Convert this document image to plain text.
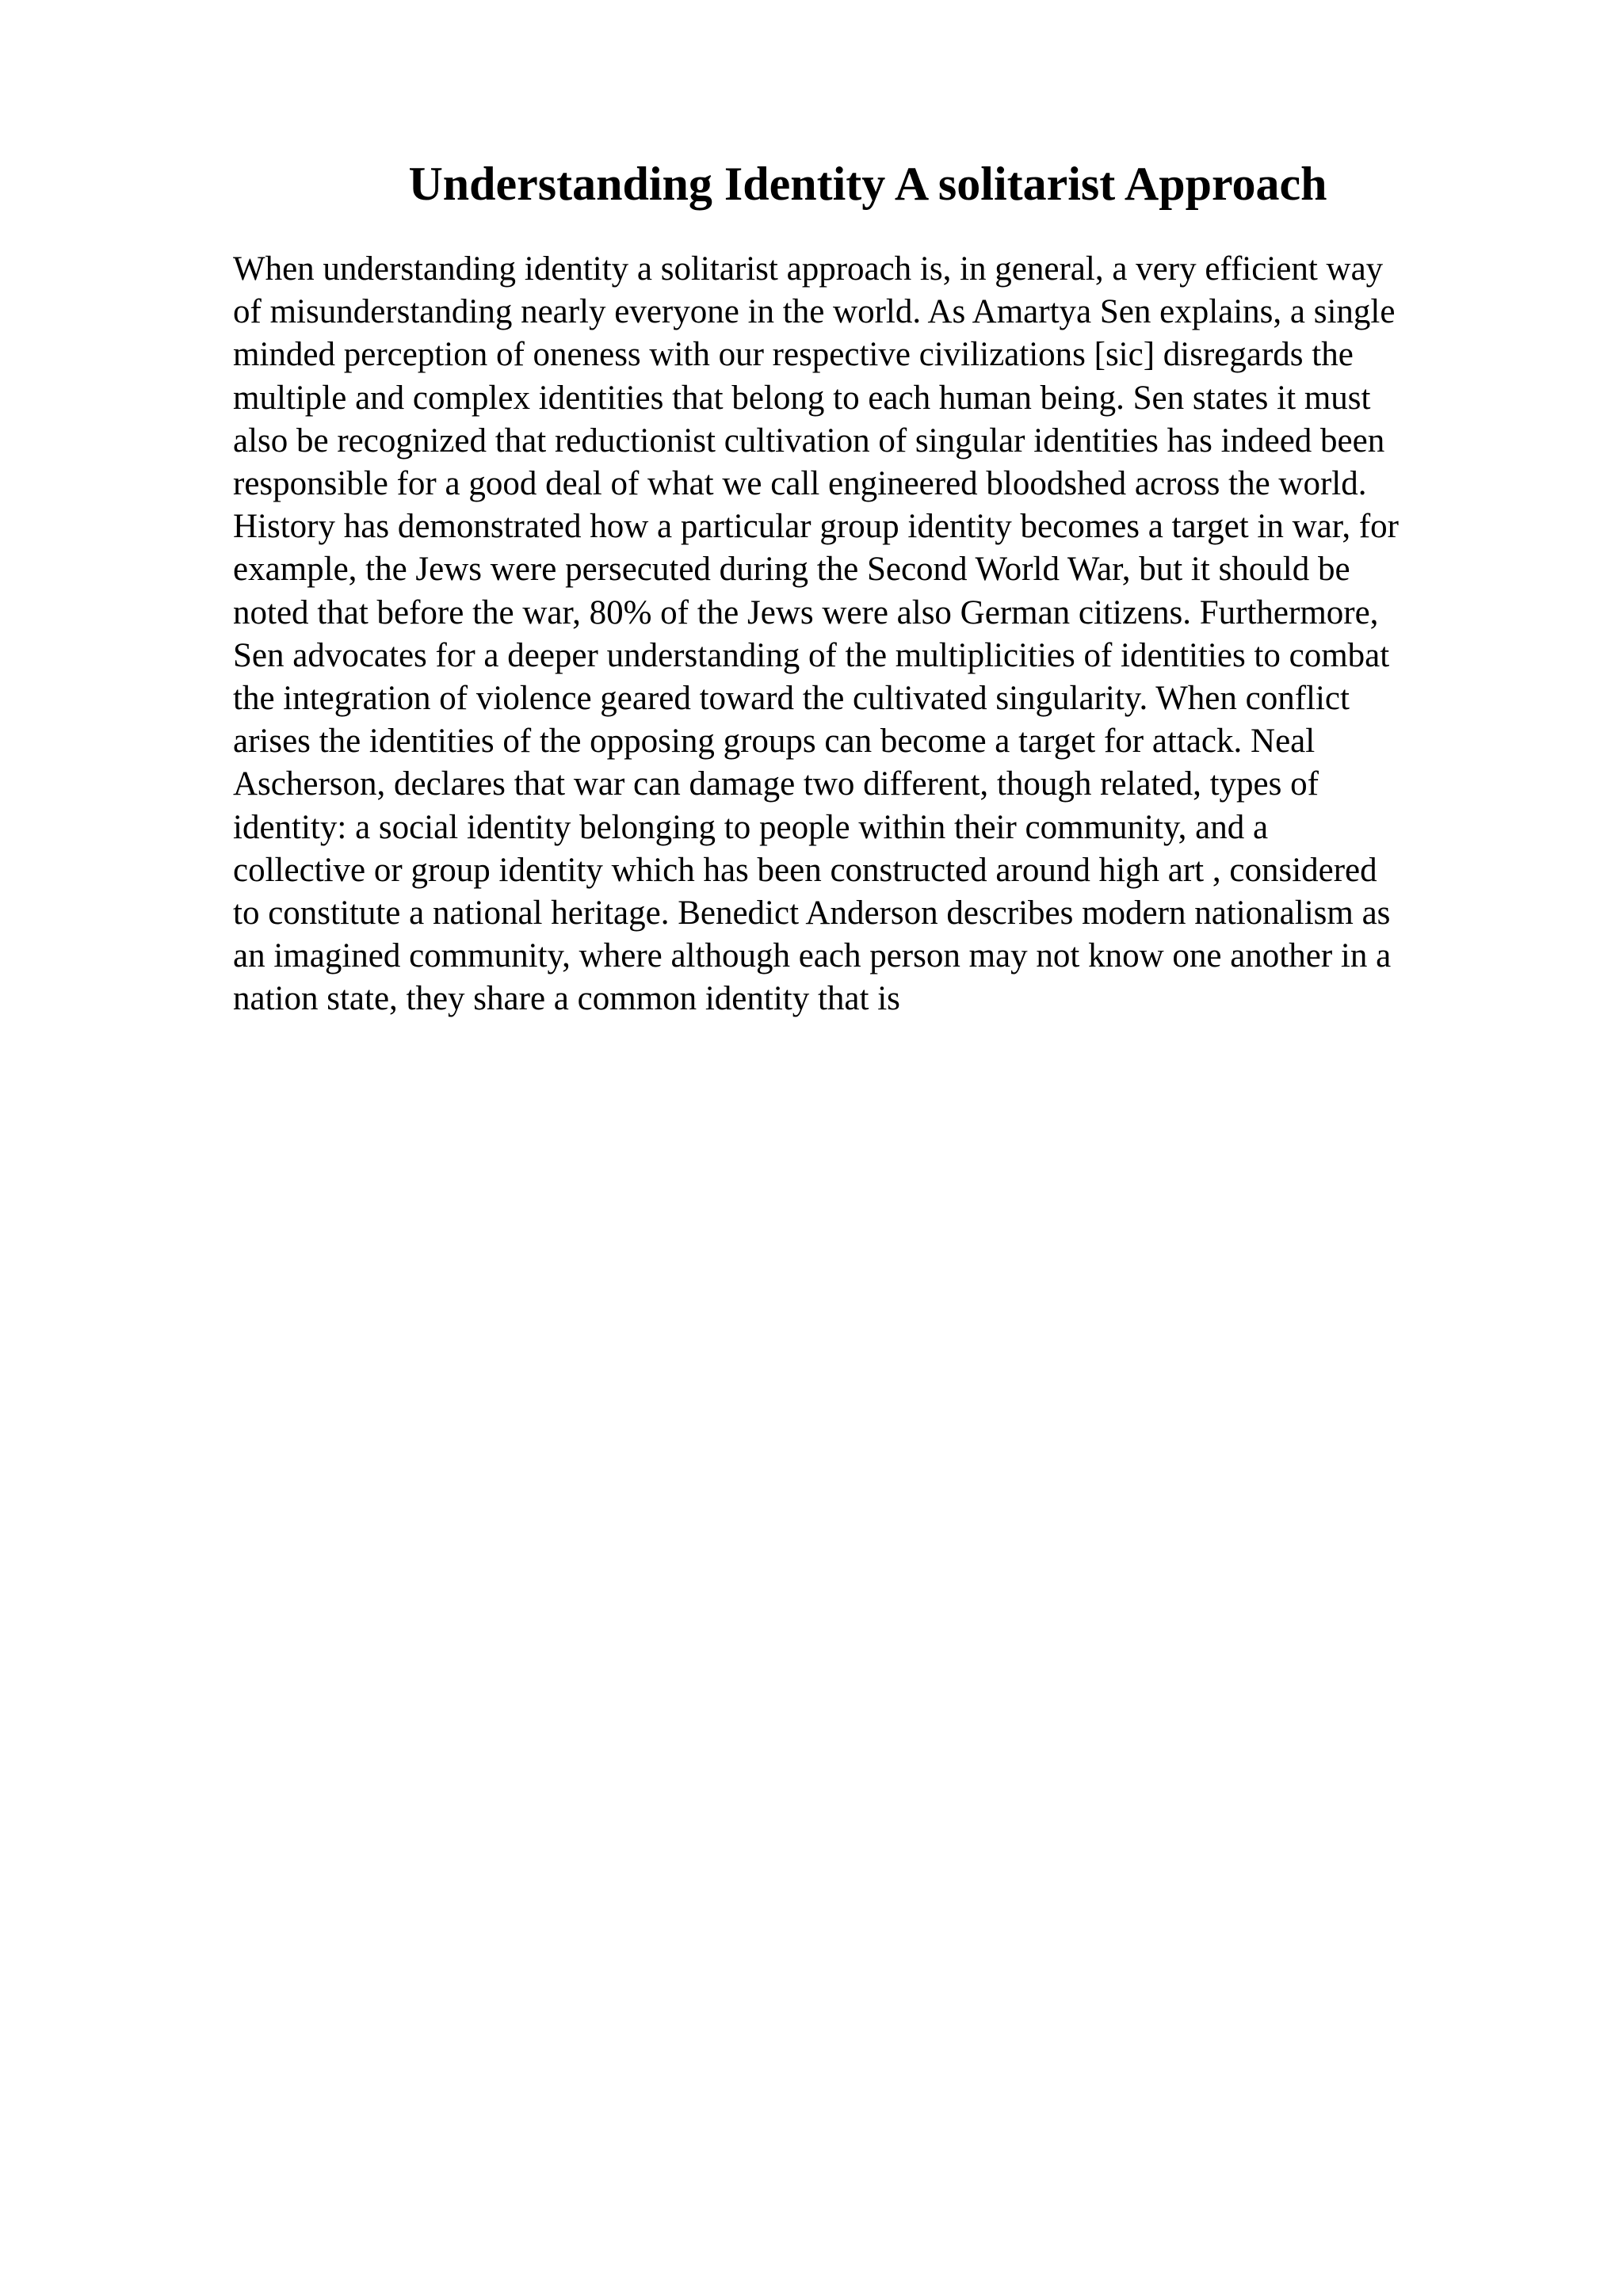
Understanding Identity A solitarist Approach
When understanding identity a solitarist approach is, in general, a very efficient way
of misunderstanding nearly everyone in the world. As Amartya Sen explains, a single
minded perception of oneness with our respective civilizations [sic] disregards the
multiple and complex identities that belong to each human being. Sen states it must
also be recognized that reductionist cultivation of singular identities has indeed been
responsible for a good deal of what we call engineered bloodshed across the world.
History has demonstrated how a particular group identity becomes a target in war, for
example, the Jews were persecuted during the Second World War, but it should be
noted that before the war, 80% of the Jews were also German citizens. Furthermore,
Sen advocates for a deeper understanding of the multiplicities of identities to combat
the integration of violence geared toward the cultivated singularity. When conflict
arises the identities of the opposing groups can become a target for attack. Neal
Ascherson, declares that war can damage two different, though related, types of
identity: a social identity belonging to people within their community, and a
collective or group identity which has been constructed around high art , considered
to constitute a national heritage. Benedict Anderson describes modern nationalism as
an imagined community, where although each person may not know one another in a
nation state, they share a common identity that is
